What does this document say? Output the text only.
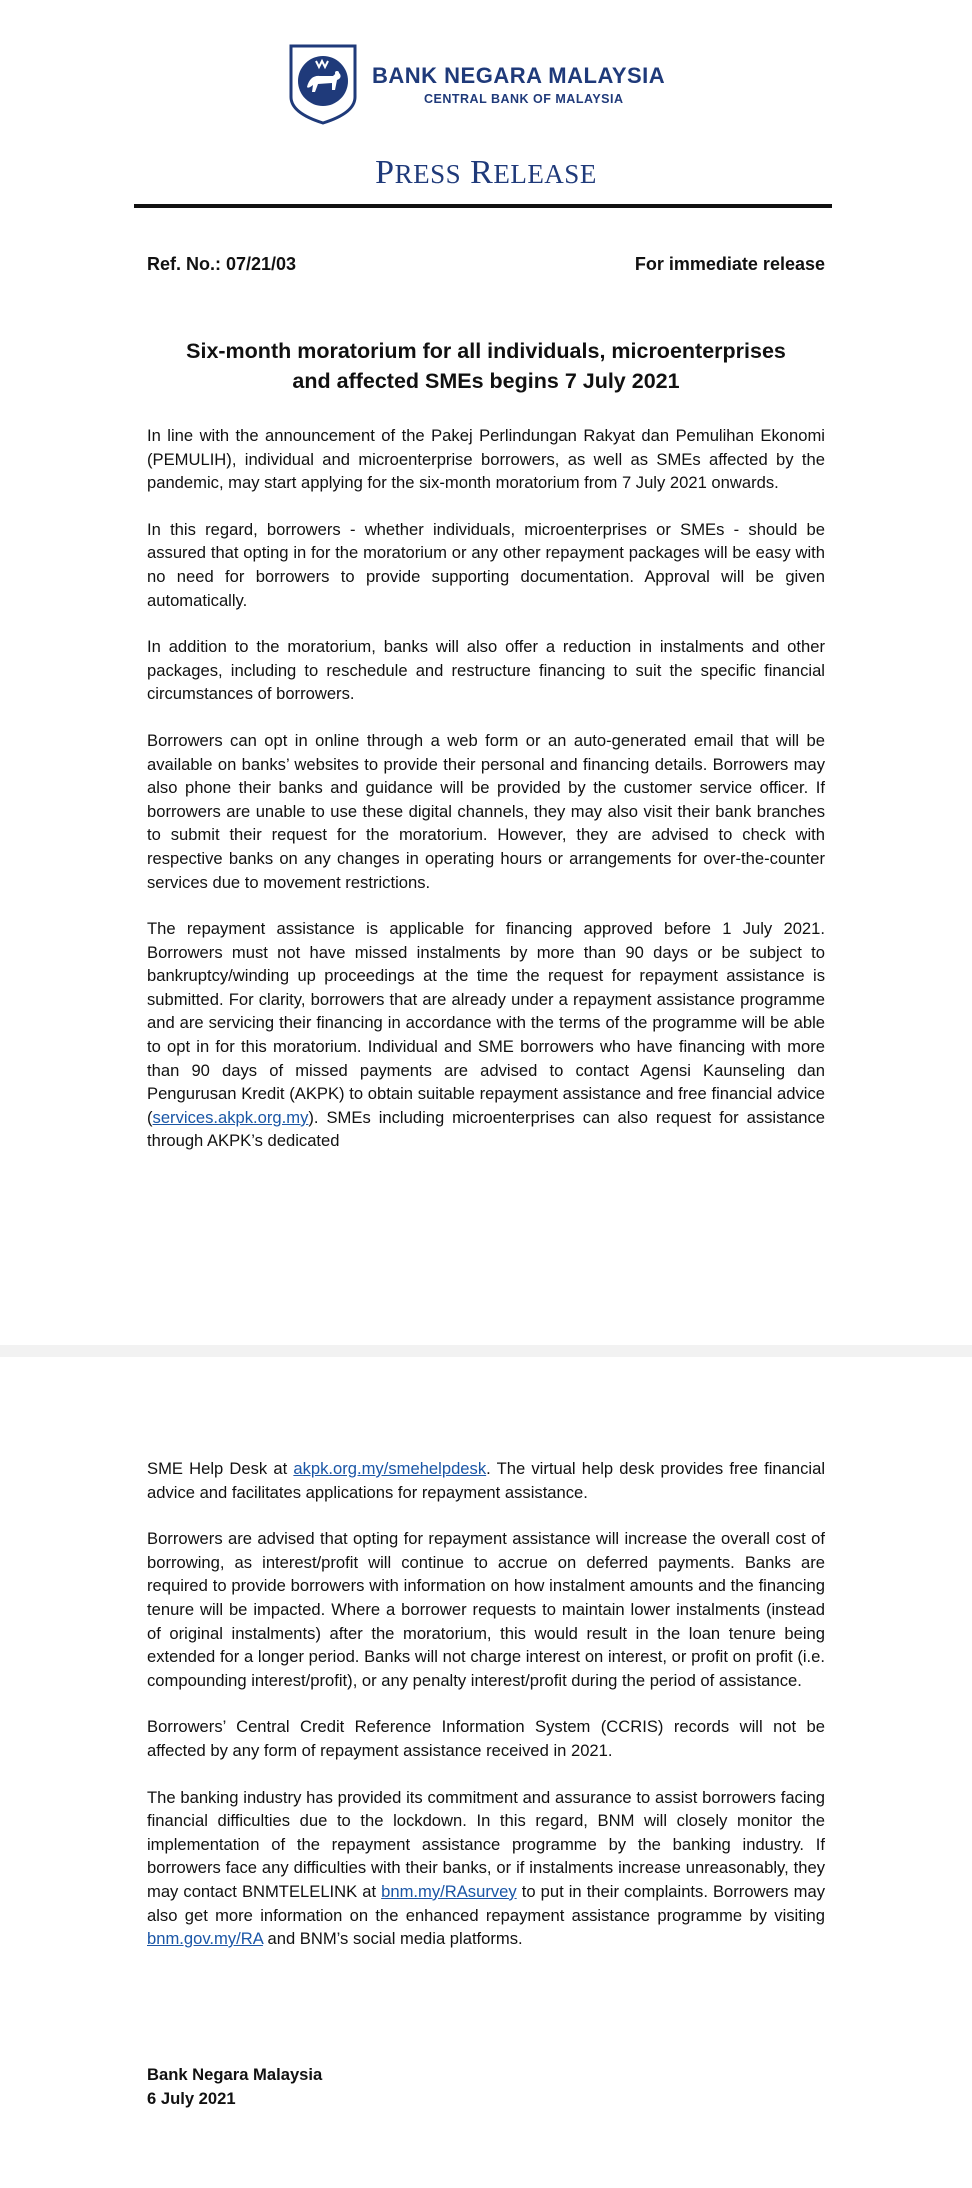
BANK NEGARA MALAYSIA
CENTRAL BANK OF MALAYSIA
PRESS RELEASE
Ref. No.: 07/21/03	For immediate release
Six-month moratorium for all individuals, microenterprises
and affected SMEs begins 7 July 2021

In line with the announcement of the Pakej Perlindungan Rakyat dan Pemulihan Ekonomi (PEMULIH), individual and microenterprise borrowers, as well as SMEs affected by the pandemic, may start applying for the six-month moratorium from 7 July 2021 onwards.

In this regard, borrowers - whether individuals, microenterprises or SMEs - should be assured that opting in for the moratorium or any other repayment packages will be easy with no need for borrowers to provide supporting documentation. Approval will be given automatically.

In addition to the moratorium, banks will also offer a reduction in instalments and other packages, including to reschedule and restructure financing to suit the specific financial circumstances of borrowers.

Borrowers can opt in online through a web form or an auto-generated email that will be available on banks’ websites to provide their personal and financing details. Borrowers may also phone their banks and guidance will be provided by the customer service officer. If borrowers are unable to use these digital channels, they may also visit their bank branches to submit their request for the moratorium. However, they are advised to check with respective banks on any changes in operating hours or arrangements for over-the-counter services due to movement restrictions.

The repayment assistance is applicable for financing approved before 1 July 2021. Borrowers must not have missed instalments by more than 90 days or be subject to bankruptcy/winding up proceedings at the time the request for repayment assistance is submitted. For clarity, borrowers that are already under a repayment assistance programme and are servicing their financing in accordance with the terms of the programme will be able to opt in for this moratorium. Individual and SME borrowers who have financing with more than 90 days of missed payments are advised to contact Agensi Kaunseling dan Pengurusan Kredit (AKPK) to obtain suitable repayment assistance and free financial advice (services.akpk.org.my). SMEs including microenterprises can also request for assistance through AKPK’s dedicated

SME Help Desk at akpk.org.my/smehelpdesk. The virtual help desk provides free financial advice and facilitates applications for repayment assistance.

Borrowers are advised that opting for repayment assistance will increase the overall cost of borrowing, as interest/profit will continue to accrue on deferred payments. Banks are required to provide borrowers with information on how instalment amounts and the financing tenure will be impacted. Where a borrower requests to maintain lower instalments (instead of original instalments) after the moratorium, this would result in the loan tenure being extended for a longer period. Banks will not charge interest on interest, or profit on profit (i.e. compounding interest/profit), or any penalty interest/profit during the period of assistance.

Borrowers’ Central Credit Reference Information System (CCRIS) records will not be affected by any form of repayment assistance received in 2021.

The banking industry has provided its commitment and assurance to assist borrowers facing financial difficulties due to the lockdown. In this regard, BNM will closely monitor the implementation of the repayment assistance programme by the banking industry. If borrowers face any difficulties with their banks, or if instalments increase unreasonably, they may contact BNMTELELINK at bnm.my/RAsurvey to put in their complaints. Borrowers may also get more information on the enhanced repayment assistance programme by visiting bnm.gov.my/RA and BNM’s social media platforms.

Bank Negara Malaysia
6 July 2021
